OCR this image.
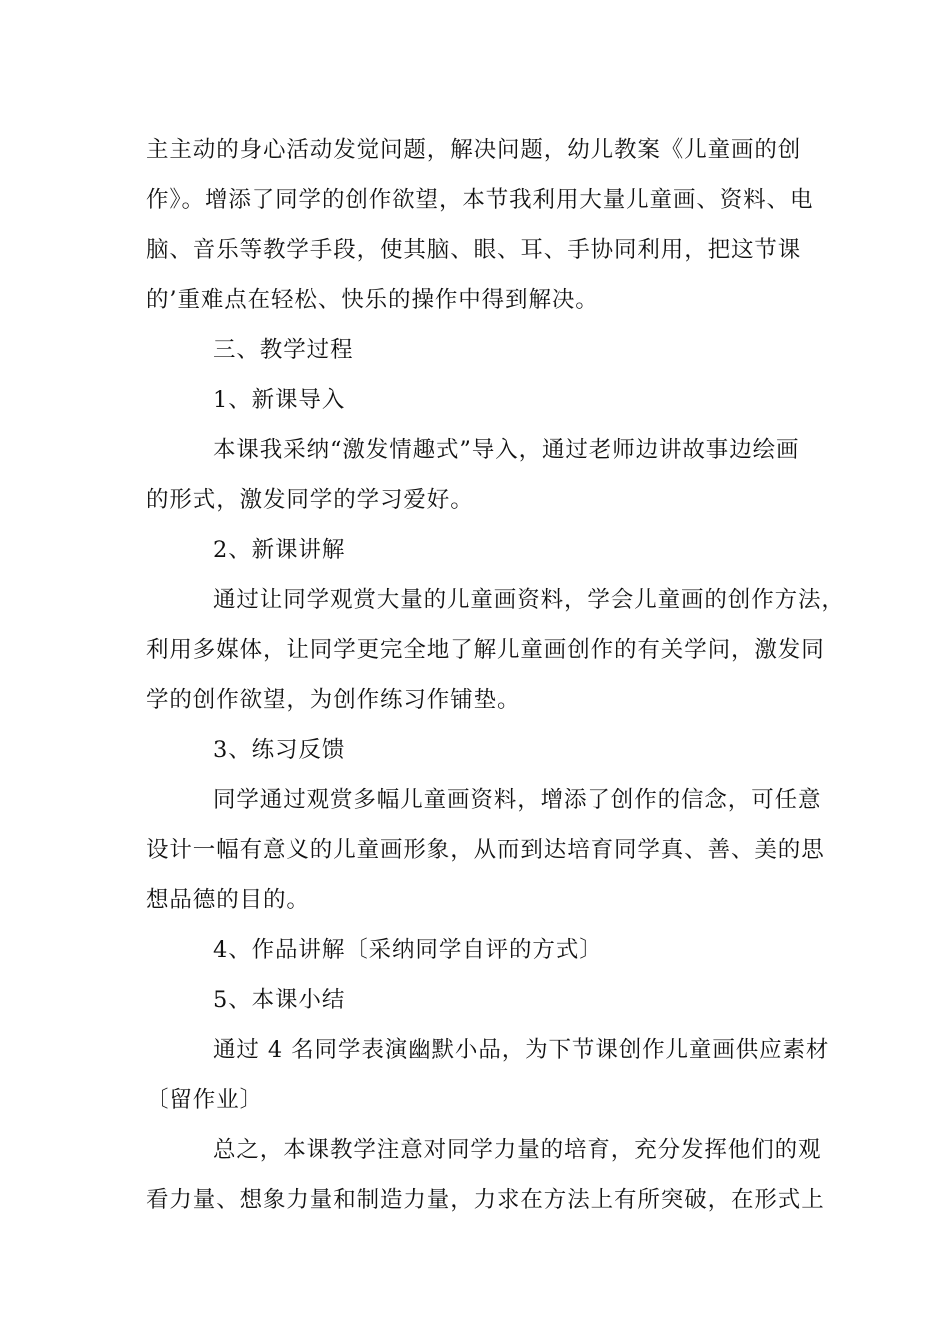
主主动的身心活动发觉问题，解决问题，幼儿教案《儿童画的创
作》。增添了同学的创作欲望，本节我利用大量儿童画、资料、电
脑、音乐等教学手段，使其脑、眼、耳、手协同利用，把这节课
的’重难点在轻松、快乐的操作中得到解决。
三、教学过程
1、新课导入
本课我采纳“激发情趣式”导入，通过老师边讲故事边绘画
的形式，激发同学的学习爱好。
2、新课讲解
通过让同学观赏大量的儿童画资料，学会儿童画的创作方法，
利用多媒体，让同学更完全地了解儿童画创作的有关学问，激发同
学的创作欲望，为创作练习作铺垫。
3、练习反馈
同学通过观赏多幅儿童画资料，增添了创作的信念，可任意
设计一幅有意义的儿童画形象，从而到达培育同学真、善、美的思
想品德的目的。
4、作品讲解〔采纳同学自评的方式〕
5、本课小结
通过 4 名同学表演幽默小品，为下节课创作儿童画供应素材
〔留作业〕
总之，本课教学注意对同学力量的培育，充分发挥他们的观
看力量、想象力量和制造力量，力求在方法上有所突破，在形式上
